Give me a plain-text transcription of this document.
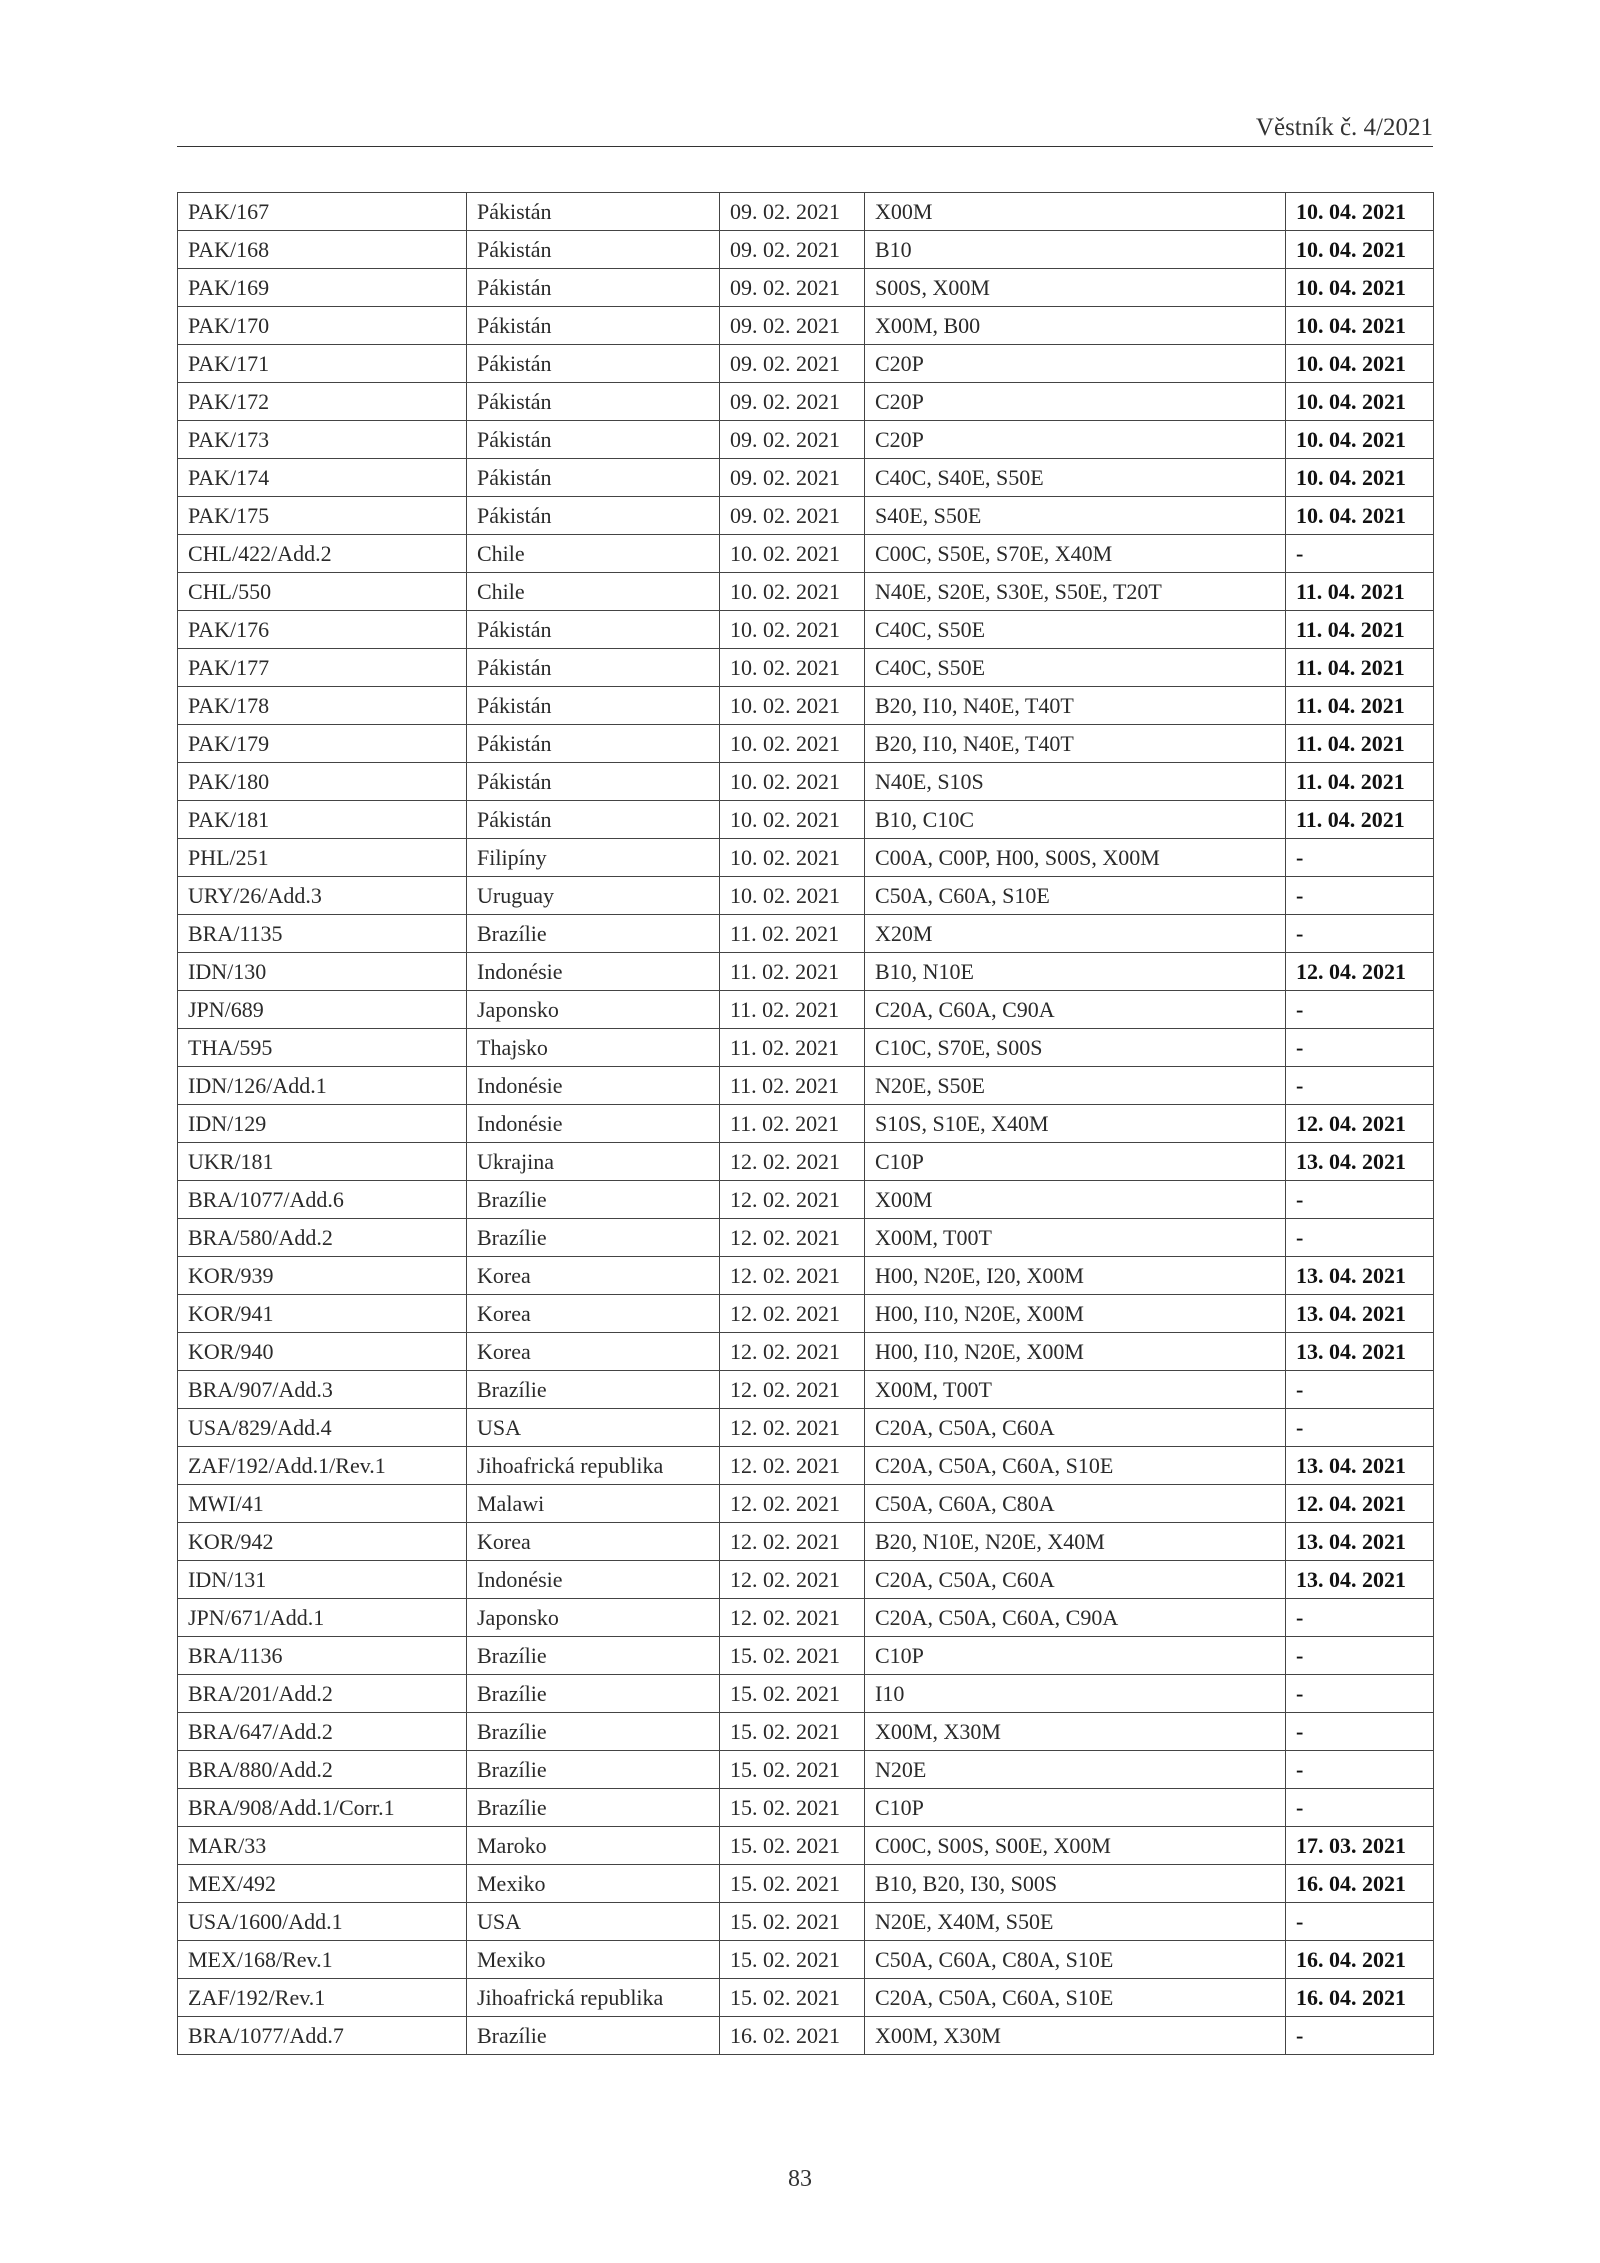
Věstník č. 4/2021
PAK/167	Pákistán	09. 02. 2021	X00M	10. 04. 2021
PAK/168	Pákistán	09. 02. 2021	B10	10. 04. 2021
PAK/169	Pákistán	09. 02. 2021	S00S, X00M	10. 04. 2021
PAK/170	Pákistán	09. 02. 2021	X00M, B00	10. 04. 2021
PAK/171	Pákistán	09. 02. 2021	C20P	10. 04. 2021
PAK/172	Pákistán	09. 02. 2021	C20P	10. 04. 2021
PAK/173	Pákistán	09. 02. 2021	C20P	10. 04. 2021
PAK/174	Pákistán	09. 02. 2021	C40C, S40E, S50E	10. 04. 2021
PAK/175	Pákistán	09. 02. 2021	S40E, S50E	10. 04. 2021
CHL/422/Add.2	Chile	10. 02. 2021	C00C, S50E, S70E, X40M	-
CHL/550	Chile	10. 02. 2021	N40E, S20E, S30E, S50E, T20T	11. 04. 2021
PAK/176	Pákistán	10. 02. 2021	C40C, S50E	11. 04. 2021
PAK/177	Pákistán	10. 02. 2021	C40C, S50E	11. 04. 2021
PAK/178	Pákistán	10. 02. 2021	B20, I10, N40E, T40T	11. 04. 2021
PAK/179	Pákistán	10. 02. 2021	B20, I10, N40E, T40T	11. 04. 2021
PAK/180	Pákistán	10. 02. 2021	N40E, S10S	11. 04. 2021
PAK/181	Pákistán	10. 02. 2021	B10, C10C	11. 04. 2021
PHL/251	Filipíny	10. 02. 2021	C00A, C00P, H00, S00S, X00M	-
URY/26/Add.3	Uruguay	10. 02. 2021	C50A, C60A, S10E	-
BRA/1135	Brazílie	11. 02. 2021	X20M	-
IDN/130	Indonésie	11. 02. 2021	B10, N10E	12. 04. 2021
JPN/689	Japonsko	11. 02. 2021	C20A, C60A, C90A	-
THA/595	Thajsko	11. 02. 2021	C10C, S70E, S00S	-
IDN/126/Add.1	Indonésie	11. 02. 2021	N20E, S50E	-
IDN/129	Indonésie	11. 02. 2021	S10S, S10E, X40M	12. 04. 2021
UKR/181	Ukrajina	12. 02. 2021	C10P	13. 04. 2021
BRA/1077/Add.6	Brazílie	12. 02. 2021	X00M	-
BRA/580/Add.2	Brazílie	12. 02. 2021	X00M, T00T	-
KOR/939	Korea	12. 02. 2021	H00, N20E, I20, X00M	13. 04. 2021
KOR/941	Korea	12. 02. 2021	H00, I10, N20E, X00M	13. 04. 2021
KOR/940	Korea	12. 02. 2021	H00, I10, N20E, X00M	13. 04. 2021
BRA/907/Add.3	Brazílie	12. 02. 2021	X00M, T00T	-
USA/829/Add.4	USA	12. 02. 2021	C20A, C50A, C60A	-
ZAF/192/Add.1/Rev.1	Jihoafrická republika	12. 02. 2021	C20A, C50A, C60A, S10E	13. 04. 2021
MWI/41	Malawi	12. 02. 2021	C50A, C60A, C80A	12. 04. 2021
KOR/942	Korea	12. 02. 2021	B20, N10E, N20E, X40M	13. 04. 2021
IDN/131	Indonésie	12. 02. 2021	C20A, C50A, C60A	13. 04. 2021
JPN/671/Add.1	Japonsko	12. 02. 2021	C20A, C50A, C60A, C90A	-
BRA/1136	Brazílie	15. 02. 2021	C10P	-
BRA/201/Add.2	Brazílie	15. 02. 2021	I10	-
BRA/647/Add.2	Brazílie	15. 02. 2021	X00M, X30M	-
BRA/880/Add.2	Brazílie	15. 02. 2021	N20E	-
BRA/908/Add.1/Corr.1	Brazílie	15. 02. 2021	C10P	-
MAR/33	Maroko	15. 02. 2021	C00C, S00S, S00E, X00M	17. 03. 2021
MEX/492	Mexiko	15. 02. 2021	B10, B20, I30, S00S	16. 04. 2021
USA/1600/Add.1	USA	15. 02. 2021	N20E, X40M, S50E	-
MEX/168/Rev.1	Mexiko	15. 02. 2021	C50A, C60A, C80A, S10E	16. 04. 2021
ZAF/192/Rev.1	Jihoafrická republika	15. 02. 2021	C20A, C50A, C60A, S10E	16. 04. 2021
BRA/1077/Add.7	Brazílie	16. 02. 2021	X00M, X30M	-
83
